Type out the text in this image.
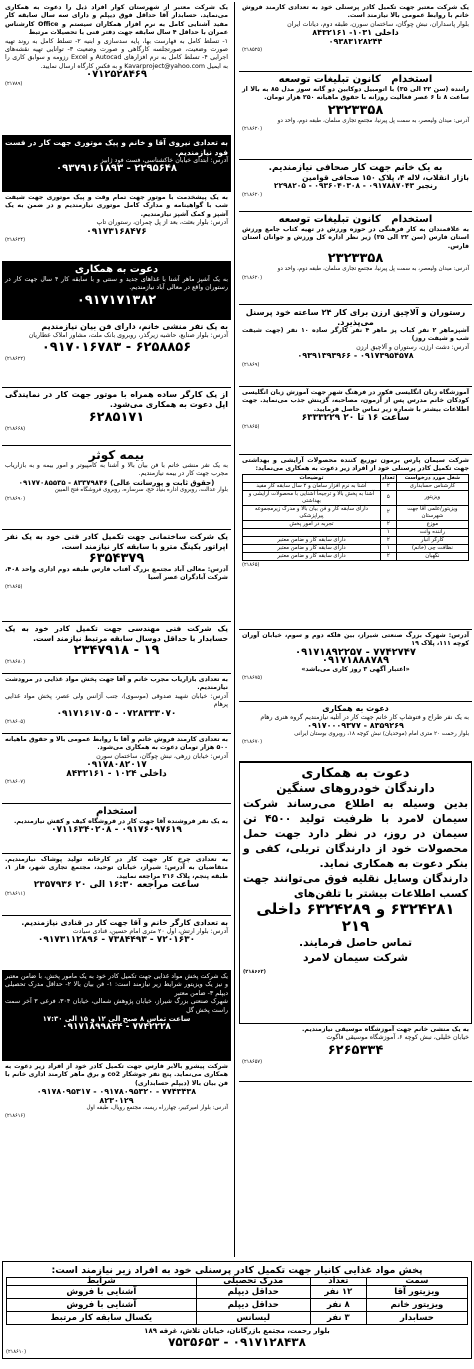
یک شرکت معتبر جهت تکمیل کادر پرسنلی خود به تعدادی کارمند فروش خانم با روابط عمومی بالا نیازمند است.

بلوار پاسداران، نبش چوگان، ساختمان سورن، طبقه دوم، دیانات ایران

داخلی ۱۰۳۱- ۸۴۳۲۱۶۱

۰۹۳۸۳۱۲۸۲۴۴

(۲۱۸۵۲۵)

استخدام   کانون تبلیغات توسعه

راننده (سن ۲۲ الی ۳۵) با اتومبیل دوکابین دو گانه سوز مدل ۸۵ به بالا از ساعت ۸ تا ۶ عصر فعالیت روزانه با حقوق ماهیانه ۲۵۰ هزار تومان.

۲۳۲۳۳۵۸

آدرس: میدان ولیعصر، به سمت پل پیرنیا، مجتمع تجاری سلمان، طبقه دوم، واحد دو

(۲۱۸۶۲۰)

به یک خانم جهت کار صحافی نیازمندیم.

بازار انقلاب، لاله ۴، پلاک ۱۵۰ صحافی قوامین

رنجبر ۰۹۱۷۸۸۷۰۴۳ - ۰۹۳۶۰۴۰۳۰۸ - ۲۲۹۸۲۰۵

(۲۱۸۶۲۰)

استخدام   کانون تبلیغات توسعه

به علاقمندان به کار فرهنگی در حوزه ورزش در تهیه کتاب جامع ورزش استان فارس (سن ۲۲ الی ۳۵) زیر نظر اداره کل ورزش و جوانان استان فارس.

۲۳۲۳۳۵۸

آدرس: میدان ولیعصر، به سمت پل پیرنیا، مجتمع تجاری سلمان، طبقه دوم، واحد دو

(۲۱۸۶۲۰)

رستوران و آلاچیق ارزن برای کار ۲۴ ساعته خود پرسنل می‌پذیرد.

آشپزماهر ۲ نفر کباب پز ماهر ۴ نفر کارگر ساده ۱۰ نفر (جهت شیفت شب و شیفت روز)

آدرس: دشت ارژن، رستوران و آلاچیق ارزن

۰۹۳۹۱۳۹۳۹۶۶ - ۰۹۱۷۳۹۵۴۵۷۸

(۲۱۸۶۹)

آموزشگاه زبان انگلیسی فکور در فرهنگ شهر جهت آموزش زبان انگلیسی کودکان خانم مدرس پس از آزمون، مصاحبه، گزینش جذب می‌نماید. جهت اطلاعات بیشتر با شماره زیر تماس حاصل فرمایید.

۶۳۳۳۲۲۹ ساعت ۱۶ تا ۲۰

(۲۱۸۶۵)

شرکت سیمان پارس برمون توزیع کننده محصولات آرایشی و بهداشتی جهت تکمیل کادر پرسنلی خود از افراد زیر دعوت به همکاری می‌نماید:

شغل مورد درخواست	تعداد	توضیحات
کارشناس حسابداری	۲	آشنا به نرم افزار سامان و ۲ سال سابقه کار مفید
ویزیتور	۵	آشنا به پخش بالا و ترجیحاً آشنایی با محصولات آرایشی و بهداشتی
ویزیتور/علمی آقا جهت شهرستان	۲	دارای سابقه کار و فن بیان بالا و مدرک زیرمجموعه پیراپزشکی
موزع	۲	تجربه در امور پخش
راننده وانت	۱	
کارگر انبار	۲	دارای سابقه کار و ضامن معتبر
نظافت چی (خانم)	۱	دارای سابقه کار و ضامن معتبر
نگهبان	۲	دارای سابقه کار و ضامن معتبر

(۲۱۸۶۵)

آدرس: شهرک بزرگ صنعتی شیراز، بین فلکه دوم و سوم، خیابان آوران کوچه ۱۱۱، پلاک ۱۹

۰۹۱۷۱۸۹۲۲۵۷ - ۷۷۴۲۷۴۷

۰۹۱۷۱۸۸۸۷۸۹

«اعتبار آگهی ۳ روز کاری می‌باشد»

(۲۱۸۶۷۵)

دعوت به همکاری

به یک نفر طراح و فتوشاپ کار خانم جهت کار در آتلیه نیازمندیم گروه هنری رهام

۰۹۱۷۰۰۰۹۳۷۷ - ۸۳۵۹۲۶۹

بلوار رحمت ۲۰ متری امام (موحدیان) نبش کوچه ۱۸، روبروی بوستان ایرانی

(۲۱۸۶۷۰)

دعوت به همکاری

دارندگان خودروهای سنگین

بدین وسیله به اطلاع می‌رساند شرکت سیمان لامرد با ظرفیت تولید ۴۵۰۰ تن سیمان در روز، در نظر دارد جهت حمل محصولات خود از دارندگان تریلی، کفی و بنکر دعوت به همکاری نماید.

دارندگان وسایل نقلیه فوق می‌توانند جهت کسب اطلاعات بیشتر با تلفن‌های

۶۳۲۴۲۸۱ و ۶۳۲۴۲۸۹ داخلی ۲۱۹

تماس حاصل فرمایند.

شرکت سیمان لامرد

(۲۱۸۶۶۲)

به یک منشی خانم جهت آموزشگاه موسیقی نیازمندیم.

خیابان خلیلی، نبش کوچه ۶، آموزشگاه موسیقی فاگوت

۶۲۶۵۳۳۴

(۲۱۸۶۵۷)

یک شرکت معتبر از شهرستان کوار افراد ذیل را دعوت به همکاری می‌نماید. حسابدار آقا حداقل فوق دیپلم و دارای سه سال سابقه کار مفید آشنایی کامل به نرم افزار همکاران سیستم و Office کارشناس عمران با حداقل ۴ سال سابقه جهت دفتر فنی با تحصیلات مرتبط

۱- تسلط کامل به فهارست بها، پایه سدسازی و ابنیه ۲- تسلط کامل به روند تهیه صورت وضعیت، صورتجلسه کارگاهی و صورت وضعیت ۳- توانایی تهیه نقشه‌های اجرایی ۴- تسلط کامل به نرم افزارهای Autocad و Excel رزومه و سوابق کاری را به ایمیل Kavarproject@yahoo.com و به فکس کارگاه ارسال نمایید.

۰۷۱۲۵۲۸۴۶۹

(۲۱۷۸۹)

به تعدادی نیروی آقا و خانم و پیک موتوری جهت کار در فست فود نیازمندیم.

آدرس: ابتدای خیابان خاکشناسی، فست فود ژابیز

۰۹۳۷۹۱۶۱۸۹۳ - ۲۲۹۵۶۴۸

به یک پیشخدمت با موتور جهت تمام وقت و پیک موتوری جهت شیفت شب با گواهینامه و مدارک کامل موتوری نیازمندیم و در ضمن به یک آشپز و کمک آشپز نیازمندیم.

آدرس: بلوار بعثت، بعد از پل چمران، رستوران تاپ

۰۹۱۷۳۱۶۸۴۷۶

(۲۱۸۶۲۴)

دعوت به همکاری

به یک آشپز ماهر آشنا با غذاهای جدید و سنتی و با سابقه کار ۴ سال جهت کار در رستوران واقع در معالی آباد نیازمندیم.

۰۹۱۷۱۷۱۳۸۲

به یک نفر منشی خانم، دارای فن بیان نیازمندیم

آدرس: بلوار صنایع، حاشیه زیرگذر، روبروی بانک ملت، مشاور املاک عطاریان

۰۹۱۷۰۱۶۷۸۳ - ۶۲۵۸۸۵۶

(۲۱۸۶۲۲)

از یک کارگر ساده همراه با موتور جهت کار در نمایندگی اپل دعوت به همکاری می‌شود.

۶۲۸۵۱۷۱

(۲۱۸۶۶۸)

بیمه کوثر

به یک نفر منشی خانم با فن بیان بالا و آشنا به کامپیوتر و امور بیمه و به بازاریاب مجرب جهت کار در بیمه نیازمندیم.

۰۹۱۷۷۰۸۵۵۳۵ - ۸۳۳۷۹۸۴۶ (حقوق ثابت و پورسانت عالی)

بلوار عدالت، روبروی اداره بنیاد حج، سرساره، روبروی فروشگاه فتح المبین

(۲۱۸۶۹۰)

یک شرکت ساختمانی جهت تکمیل کادر فنی خود به یک نفر اپراتور بکینگ مترو با سابقه کار نیازمند است.

۶۳۵۴۳۷۹

آدرس: معالی آباد مجتمع بزرگ آفتاب فارس طبقه دوم اداری واحد ۴۰۸، شرکت آبادگران عصر آسیا

(۲۱۸۶۵)

یک شرکت فنی مهندسی جهت تکمیل کادر خود به یک حسابدار با حداقل دوسال سابقه مرتبط نیازمند است.

۲۳۴۷۹۱۸ - ۱۹

(۲۱۸۶۸۰)

به تعدادی بازاریاب مجرب خانم و آقا جهت پخش مواد غذایی در مرودشت نیازمندیم.

آدرس: خیابان شهید صدوقی (موسوی)، جنب آژانس ولی عصر، پخش مواد غذایی پرهام

۰۹۱۷۱۶۱۷۰۵ - ۰۷۲۸۳۳۳۰۷۰

(۲۱۸۶۰۵)

به تعدادی کارمند فروش خانم و آقا با روابط عمومی بالا و حقوق ماهیانه ۵۰۰ هزار تومان دعوت به همکاری می‌شود.

آدرس: خیابان زرهی، نبش چوگان، ساختمان سورن

۰۹۱۷۸۰۸۲۰۱۷

داخلی ۱۰۲۴ - ۸۴۳۲۱۶۱

(۲۱۸۶۰۷)

استخدام

به یک نفر فروشنده آقا جهت کار در فروشگاه کیف و کفش نیازمندیم.

۰۷۱۱۶۳۴۰۲۰۸ - ۰۹۱۷۶۰۹۷۶۱۹

به تعدادی چرخ کار جهت کار در کارخانه تولید پوشاک نیازمندیم. متقاضیان به آدرس: شیراز، خیابان توحید، مجتمع تجاری شهر، فاز ۱، طبقه پنجم، پلاک ۲۱۶ مراجعه نمایید.

ساعت مراجعه ۱۶:۳۰ الی ۲۰ ۲۳۵۷۹۳۶

(۲۱۸۶۱۱)

به تعدادی کارگر خانم و آقا جهت کار در قنادی نیازمندیم.

آدرس: بلوار ارتش، اول ۲۰ متری امام حسین، قنادی سیادت

۰۹۱۷۳۱۱۲۸۹۶ - ۷۳۸۴۴۹۳ - ۷۲۰۱۶۳۰

یک شرکت پخش مواد غذایی جهت تکمیل کادر خود به یک مامور پخش، با ضامن معتبر و نیز یک ویزیتور شرایط زیر نیازمند است: ۱- فن بیان بالا ۲- حداقل مدرک تحصیلی دیپلم ۳- ضامن معتبر

شهرک صنعتی بزرگ شیراز، خیابان پژوهش شمالی، خیابان ۳۰۴، فرعی ۳ آخر سمت راست پخش گل

ساعت تماس ۸ صبح الی ۱۲ و ۱۵ الی ۱۷:۳۰

۰۹۱۷۱۸۹۹۸۴۴ - ۷۷۴۲۲۲۸

شرکت پیشرو بالابر فارس جهت تکمیل کادر خود از افراد زیر دعوت به همکاری می‌نماید. پنج نفر جوشکار co2 و برق ماهر کارمند اداری خانم با فن بیان بالا (دیپلم حسابداری)

۰۹۱۷۸۰۹۵۳۱۷ - ۰۹۱۷۸۰۹۵۳۲۰ - ۷۷۴۳۴۳۸

۸۲۳۰۱۲۹

آدرس: بلوار امیرکبیر، چهارراه ریسه، مجتمع رویال، طبقه اول

(۲۱۸۶۱۶)

پخش مواد غذایی کانیار جهت تکمیل کادر پرسنلی خود به افراد زیر نیازمند است:
سمت	تعداد	مدرک تحصیلی	شرایط
ویزیتور آقا	۱۲ نفر	حداقل دیپلم	آشنایی با فروش
ویزیتور خانم	۸ نفر	حداقل دیپلم	آشنایی با فروش
حسابدار	۳ نفر	لیسانس	یکسال سابقه کار مرتبط

بلوار رحمت، مجتمع بازرگانان، خیابان تلاش، غرفه ۱۸۹

۷۵۳۵۶۵۳ - ۰۹۱۷۱۲۸۴۳۸

(۲۱۸۶۱۰)
